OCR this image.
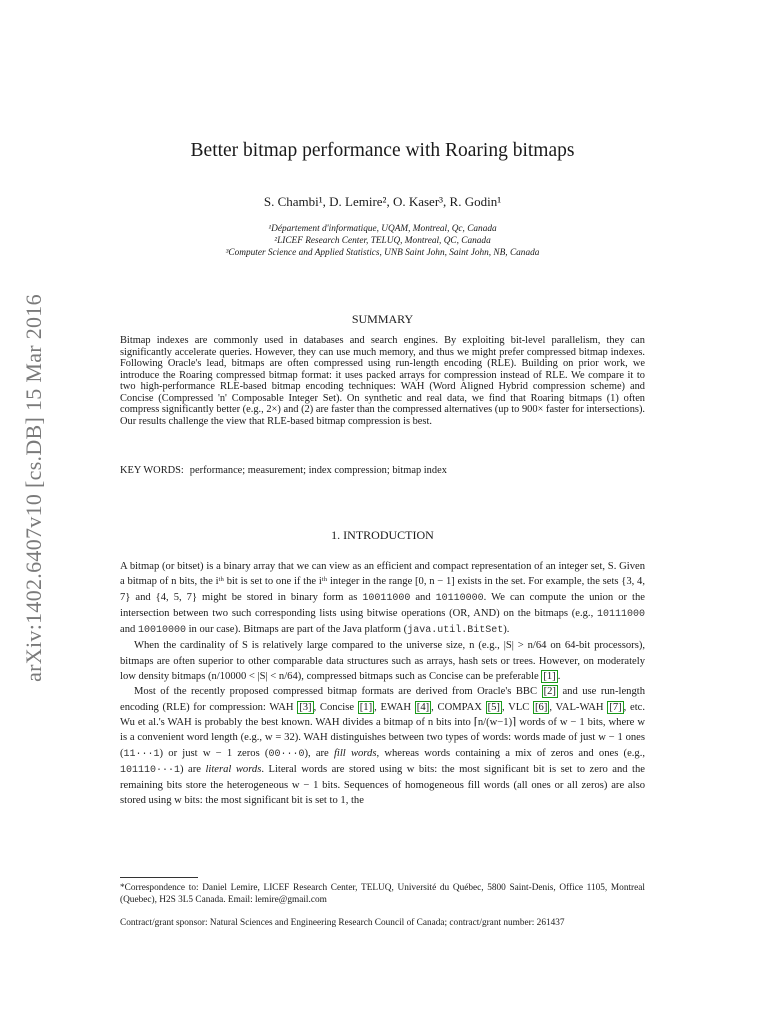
arXiv:1402.6407v10 [cs.DB] 15 Mar 2016
Better bitmap performance with Roaring bitmaps
S. Chambi¹, D. Lemire², O. Kaser³, R. Godin¹
¹Département d'informatique, UQAM, Montreal, Qc, Canada
²LICEF Research Center, TELUQ, Montreal, QC, Canada
³Computer Science and Applied Statistics, UNB Saint John, Saint John, NB, Canada
SUMMARY
Bitmap indexes are commonly used in databases and search engines. By exploiting bit-level parallelism, they can significantly accelerate queries. However, they can use much memory, and thus we might prefer compressed bitmap indexes. Following Oracle's lead, bitmaps are often compressed using run-length encoding (RLE). Building on prior work, we introduce the Roaring compressed bitmap format: it uses packed arrays for compression instead of RLE. We compare it to two high-performance RLE-based bitmap encoding techniques: WAH (Word Aligned Hybrid compression scheme) and Concise (Compressed 'n' Composable Integer Set). On synthetic and real data, we find that Roaring bitmaps (1) often compress significantly better (e.g., 2×) and (2) are faster than the compressed alternatives (up to 900× faster for intersections). Our results challenge the view that RLE-based bitmap compression is best.
KEY WORDS: performance; measurement; index compression; bitmap index
1. INTRODUCTION

A bitmap (or bitset) is a binary array that we can view as an efficient and compact representation of an integer set, S. Given a bitmap of n bits, the iᵗʰ bit is set to one if the iᵗʰ integer in the range [0, n − 1] exists in the set. For example, the sets {3, 4, 7} and {4, 5, 7} might be stored in binary form as 10011000 and 10110000. We can compute the union or the intersection between two such corresponding lists using bitwise operations (OR, AND) on the bitmaps (e.g., 10111000 and 10010000 in our case). Bitmaps are part of the Java platform (java.util.BitSet).

When the cardinality of S is relatively large compared to the universe size, n (e.g., |S| > n/64 on 64-bit processors), bitmaps are often superior to other comparable data structures such as arrays, hash sets or trees. However, on moderately low density bitmaps (n/10000 < |S| < n/64), compressed bitmaps such as Concise can be preferable [1] .

Most of the recently proposed compressed bitmap formats are derived from Oracle's BBC [2] and use run-length encoding (RLE) for compression: WAH [3] , Concise [1] , EWAH [4] , COMPAX [5] , VLC [6] , VAL-WAH [7] , etc. Wu et al.'s WAH is probably the best known. WAH divides a bitmap of n bits into ⌈n/(w−1)⌉ words of w − 1 bits, where w is a convenient word length (e.g., w = 32). WAH distinguishes between two types of words: words made of just w − 1 ones (11···1) or just w − 1 zeros (00···0), are fill words, whereas words containing a mix of zeros and ones (e.g., 101110···1) are literal words. Literal words are stored using w bits: the most significant bit is set to zero and the remaining bits store the heterogeneous w − 1 bits. Sequences of homogeneous fill words (all ones or all zeros) are also stored using w bits: the most significant bit is set to 1, the

*Correspondence to: Daniel Lemire, LICEF Research Center, TELUQ, Université du Québec, 5800 Saint-Denis, Office 1105, Montreal (Quebec), H2S 3L5 Canada. Email: lemire@gmail.com
Contract/grant sponsor: Natural Sciences and Engineering Research Council of Canada; contract/grant number: 261437
